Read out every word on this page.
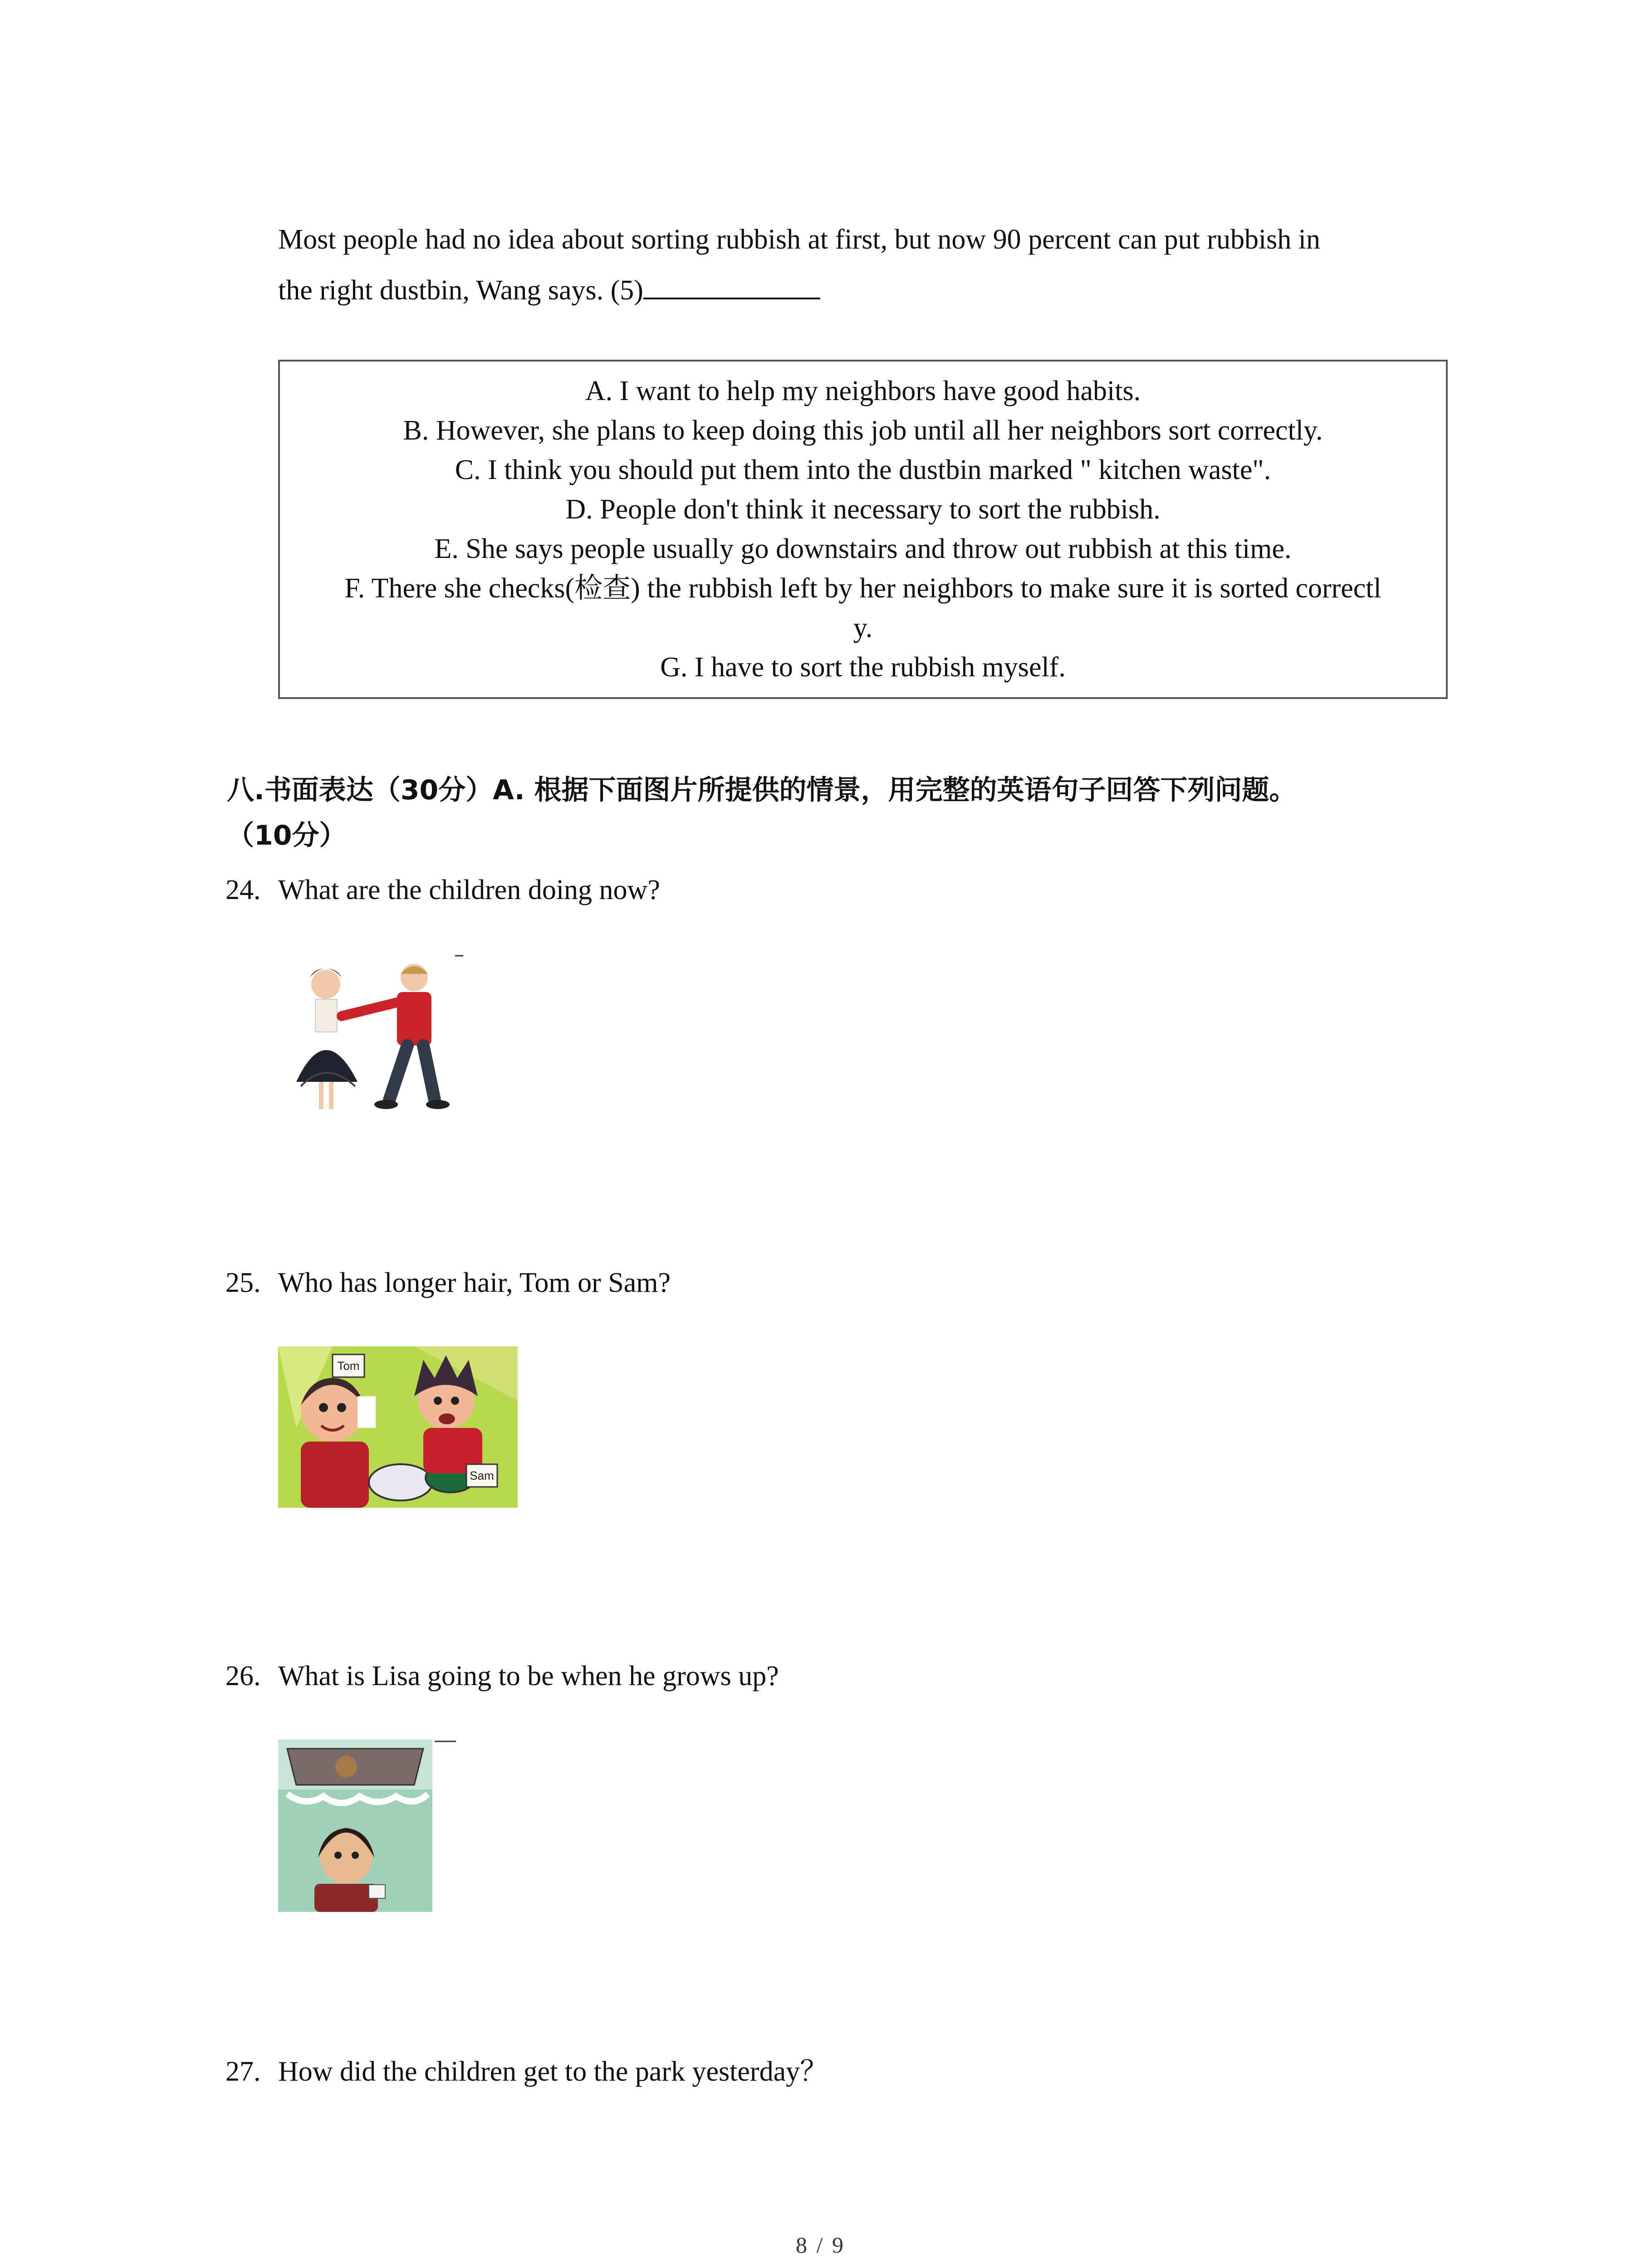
Most people had no idea about sorting rubbish at first, but now 90 percent can put rubbish in
the right dustbin, Wang says. (5)
A. I want to help my neighbors have good habits.
B. However, she plans to keep doing this job until all her neighbors sort correctly.
C. I think you should put them into the dustbin marked " kitchen waste".
D. People don't think it necessary to sort the rubbish.
E. She says people usually go downstairs and throw out rubbish at this time.
F. There she checks(检查) the rubbish left by her neighbors to make sure it is sorted correctl
y.
G. I have to sort the rubbish myself.
八.书面表达（30分）A. 根据下面图片所提供的情景，用完整的英语句子回答下列问题。
（10分）
24. What are the children doing now?
25. Who has longer hair, Tom or Sam?
Tom
Sam
26. What is Lisa going to be when he grows up?
27. How did the children get to the park yesterday？
8 / 9
